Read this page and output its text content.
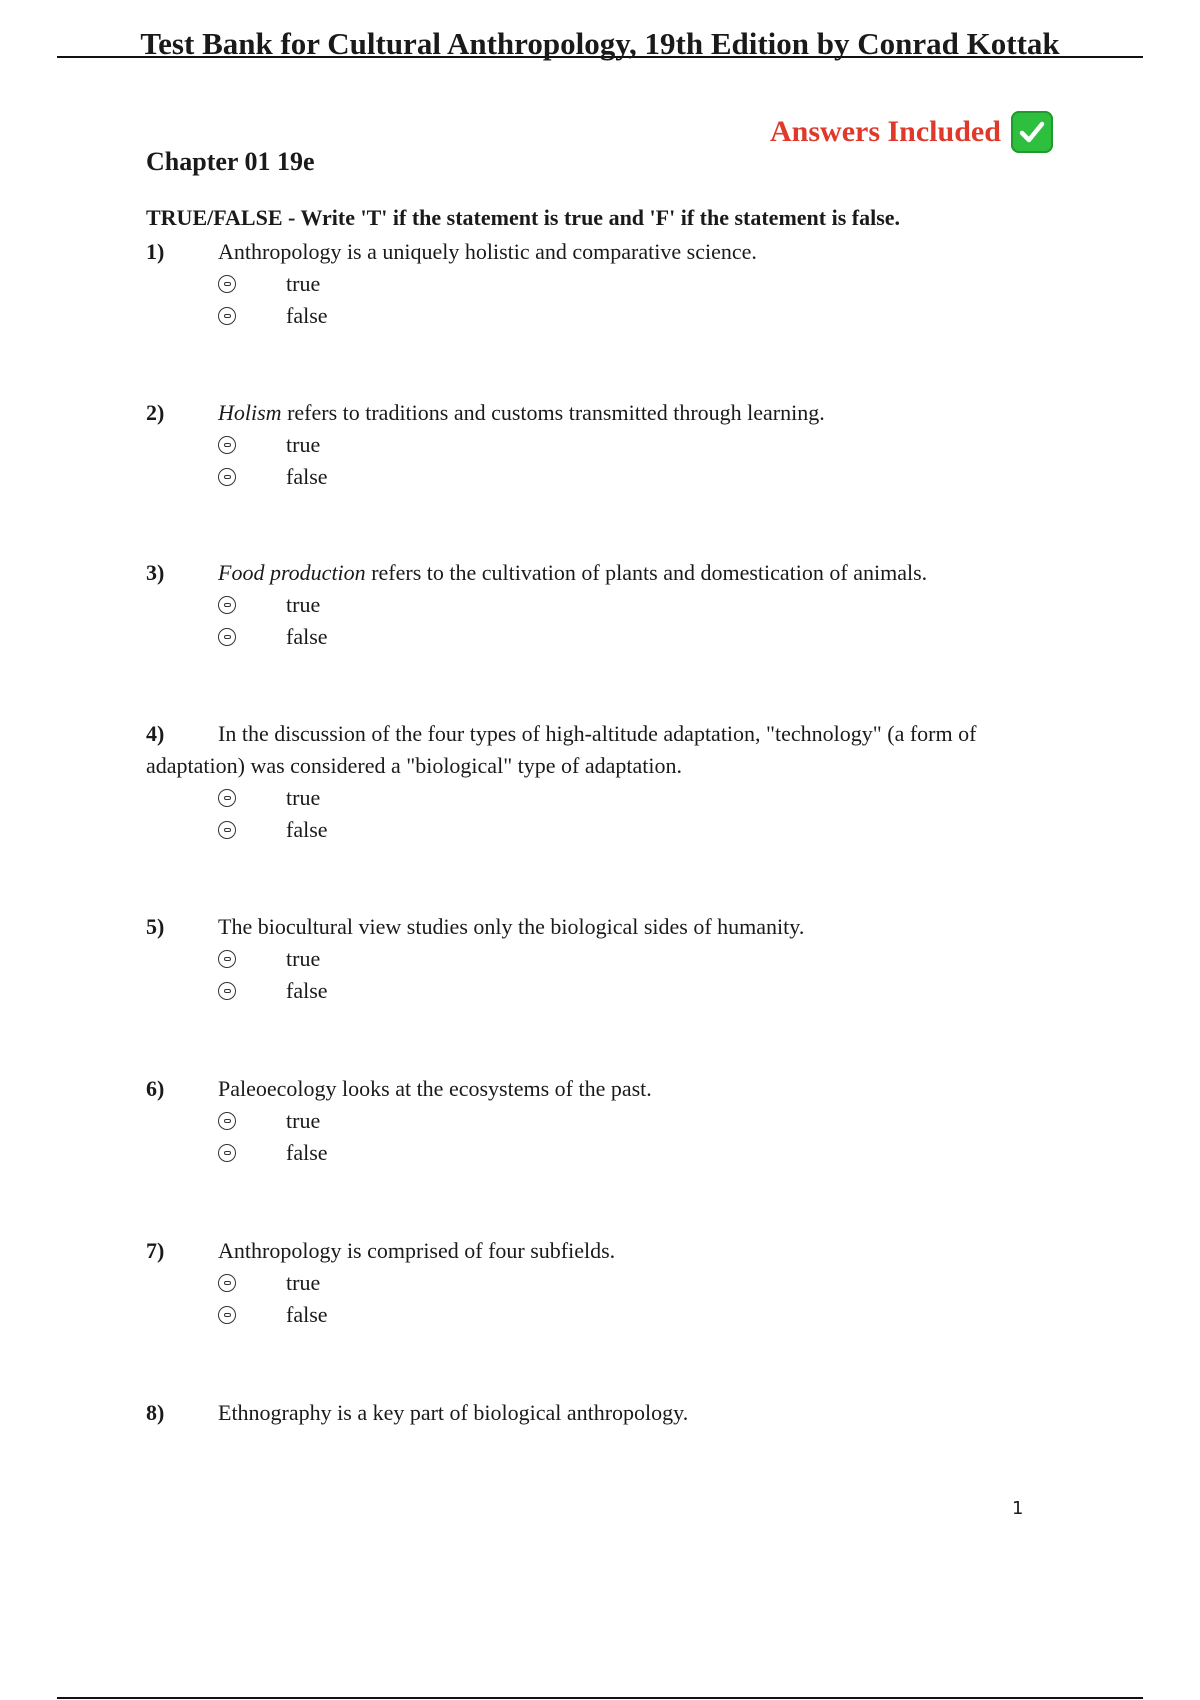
Test Bank for Cultural Anthropology, 19th Edition by Conrad Kottak
Answers Included
Chapter 01 19e

TRUE/FALSE - Write 'T' if the statement is true and 'F' if the statement is false.

1) Anthropology is a uniquely holistic and comparative science.
true
false
2) Holism refers to traditions and customs transmitted through learning.
true
false
3) Food production refers to the cultivation of plants and domestication of animals.
true
false
4) In the discussion of the four types of high-altitude adaptation, "technology" (a form of adaptation) was considered a "biological" type of adaptation.
true
false
5) The biocultural view studies only the biological sides of humanity.
true
false
6) Paleoecology looks at the ecosystems of the past.
true
false
7) Anthropology is comprised of four subfields.
true
false
8) Ethnography is a key part of biological anthropology.
1
